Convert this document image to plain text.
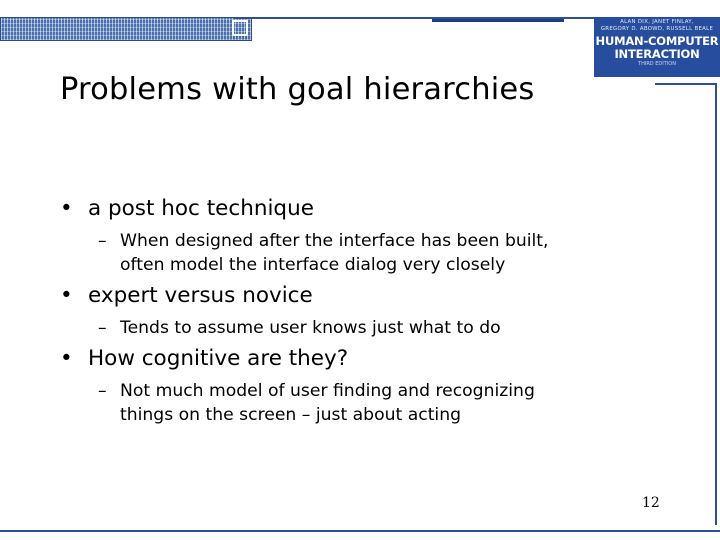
ALAN DIX, JANET FINLAY,
GREGORY D. ABOWD, RUSSELL BEALE
HUMAN-COMPUTER
INTERACTION
THIRD EDITION
Problems with goal hierarchies
• a post hoc technique
– When designed after the interface has been built,
often model the interface dialog very closely
• expert versus novice
– Tends to assume user knows just what to do
• How cognitive are they?
– Not much model of user finding and recognizing
things on the screen – just about acting
12
